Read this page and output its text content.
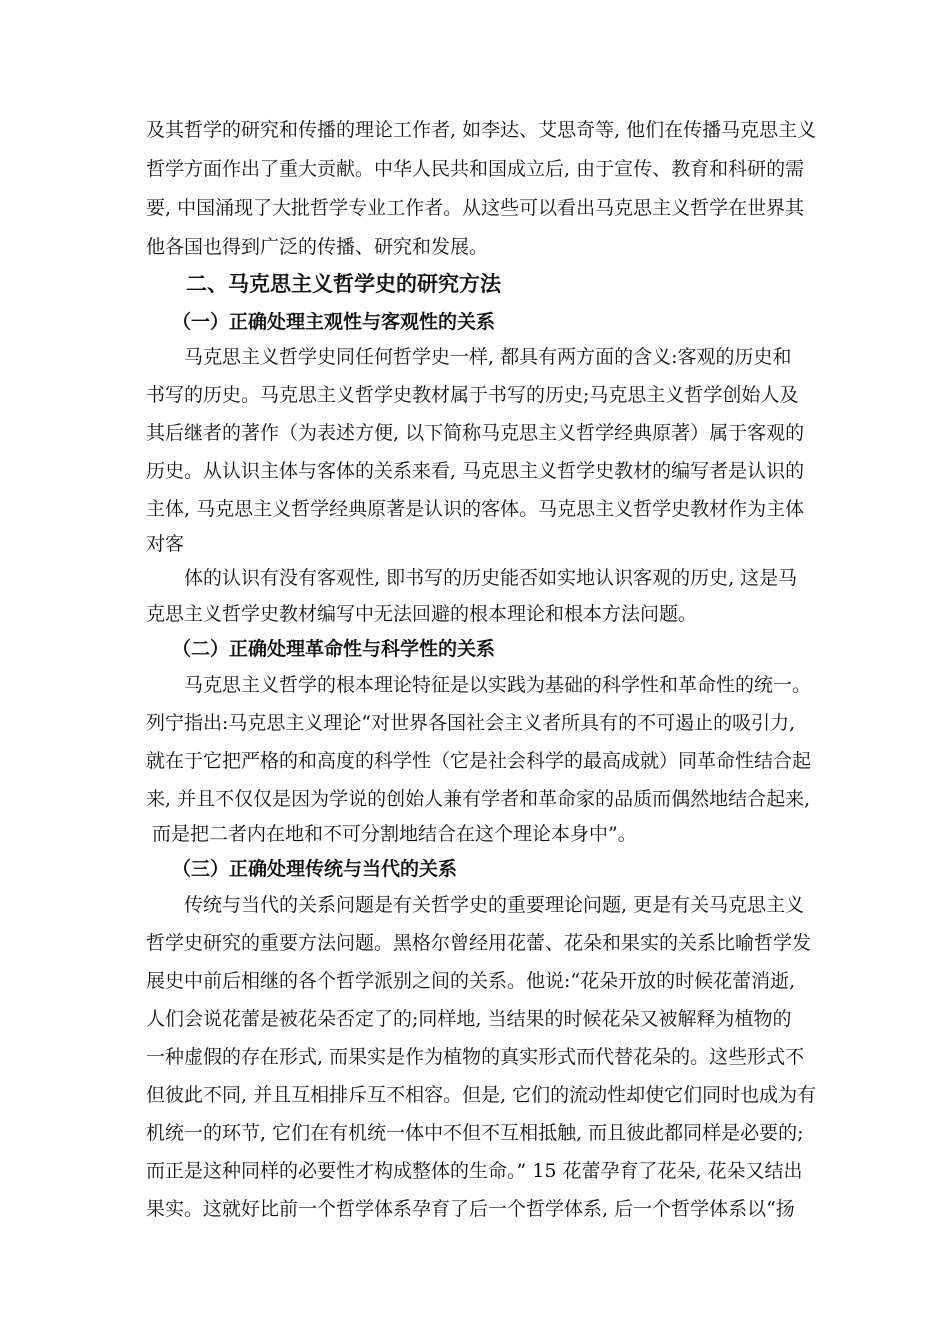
及其哲学的研究和传播的理论工作者, 如李达、艾思奇等, 他们在传播马克思主义
哲学方面作出了重大贡献。中华人民共和国成立后, 由于宣传、教育和科研的需
要, 中国涌现了大批哲学专业工作者。从这些可以看出马克思主义哲学在世界其
他各国也得到广泛的传播、研究和发展。
二、马克思主义哲学史的研究方法
（一）正确处理主观性与客观性的关系
马克思主义哲学史同任何哲学史一样, 都具有两方面的含义:客观的历史和
书写的历史。马克思主义哲学史教材属于书写的历史;马克思主义哲学创始人及
其后继者的著作（为表述方便, 以下简称马克思主义哲学经典原著）属于客观的
历史。从认识主体与客体的关系来看, 马克思主义哲学史教材的编写者是认识的
主体, 马克思主义哲学经典原著是认识的客体。马克思主义哲学史教材作为主体
对客
体的认识有没有客观性, 即书写的历史能否如实地认识客观的历史, 这是马
克思主义哲学史教材编写中无法回避的根本理论和根本方法问题。
（二）正确处理革命性与科学性的关系
马克思主义哲学的根本理论特征是以实践为基础的科学性和革命性的统一。
列宁指出:马克思主义理论“对世界各国社会主义者所具有的不可遏止的吸引力,
就在于它把严格的和高度的科学性（它是社会科学的最高成就）同革命性结合起
来, 并且不仅仅是因为学说的创始人兼有学者和革命家的品质而偶然地结合起来,
而是把二者内在地和不可分割地结合在这个理论本身中”。
（三）正确处理传统与当代的关系
传统与当代的关系问题是有关哲学史的重要理论问题, 更是有关马克思主义
哲学史研究的重要方法问题。黑格尔曾经用花蕾、花朵和果实的关系比喻哲学发
展史中前后相继的各个哲学派别之间的关系。他说:“花朵开放的时候花蕾消逝,
人们会说花蕾是被花朵否定了的;同样地, 当结果的时候花朵又被解释为植物的
一种虚假的存在形式, 而果实是作为植物的真实形式而代替花朵的。这些形式不
但彼此不同, 并且互相排斥互不相容。但是, 它们的流动性却使它们同时也成为有
机统一的环节, 它们在有机统一体中不但不互相抵触, 而且彼此都同样是必要的;
而正是这种同样的必要性才构成整体的生命。” 15 花蕾孕育了花朵, 花朵又结出
果实。这就好比前一个哲学体系孕育了后一个哲学体系, 后一个哲学体系以“扬
